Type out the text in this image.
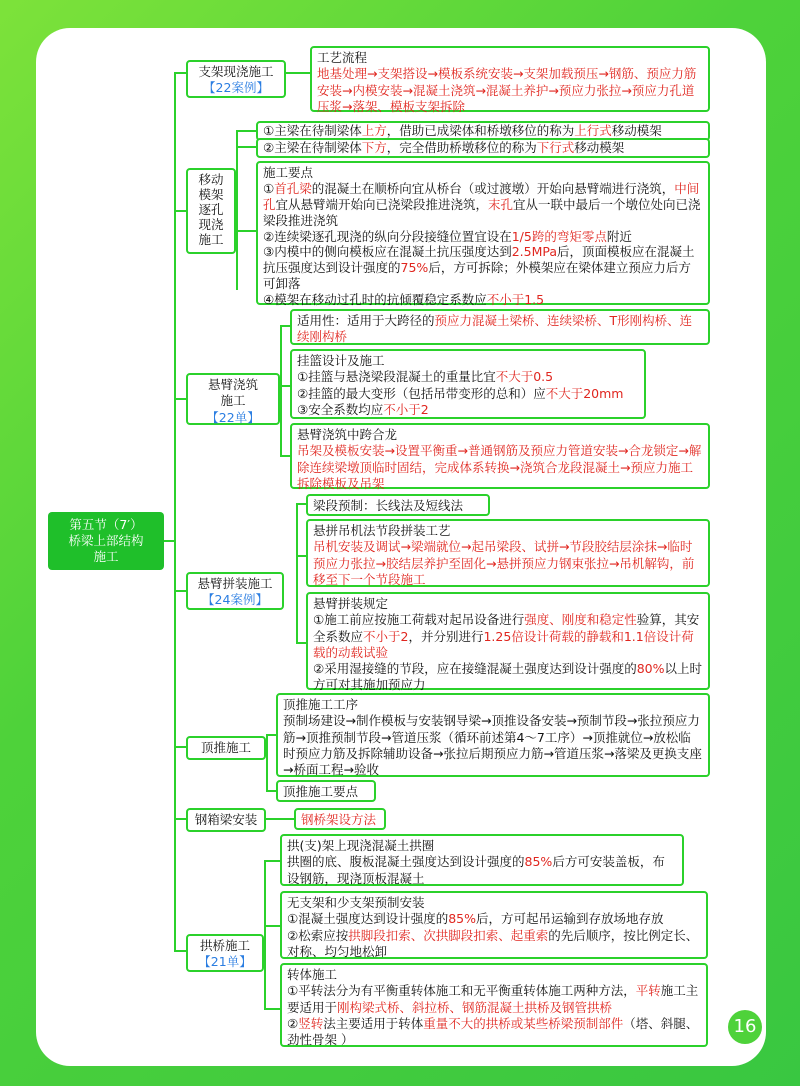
第五节（7′）
桥梁上部结构
施工
支架现浇施工
【22案例】
移动
模架
逐孔
现浇
施工
悬臂浇筑
施工
【22单】
悬臂拼装施工
【24案例】
顶推施工
钢箱梁安装
拱桥施工
【21单】
工艺流程
地基处理→支架搭设→模板系统安装→支架加载预压→钢筋、预应力筋安装→内模安装→混凝土浇筑→混凝土养护→预应力张拉→预应力孔道压浆→落架、模板支架拆除
①主梁在待制梁体上方，借助已成梁体和桥墩移位的称为上行式移动模架
②主梁在待制梁体下方，完全借助桥墩移位的称为下行式移动模架
施工要点
①首孔梁的混凝土在顺桥向宜从桥台（或过渡墩）开始向悬臂端进行浇筑，中间孔宜从悬臂端开始向已浇梁段推进浇筑，末孔宜从一联中最后一个墩位处向已浇梁段推进浇筑
②连续梁逐孔现浇的纵向分段接缝位置宜设在1/5跨的弯矩零点附近
③内模中的侧向模板应在混凝土抗压强度达到2.5MPa后，顶面模板应在混凝土抗压强度达到设计强度的75%后，方可拆除；外模架应在梁体建立预应力后方可卸落
④模架在移动过孔时的抗倾覆稳定系数应不小于1.5
适用性：适用于大跨径的预应力混凝土梁桥、连续梁桥、T形刚构桥、连续刚构桥
挂篮设计及施工
①挂篮与悬浇梁段混凝土的重量比宜不大于0.5
②挂篮的最大变形（包括吊带变形的总和）应不大于20mm
③安全系数均应不小于2
悬臂浇筑中跨合龙
吊架及模板安装→设置平衡重→普通钢筋及预应力管道安装→合龙锁定→解除连续梁墩顶临时固结，完成体系转换→浇筑合龙段混凝土→预应力施工拆除模板及吊架
梁段预制：长线法及短线法
悬拼吊机法节段拼装工艺
吊机安装及调试→梁端就位→起吊梁段、试拼→节段胶结层涂抹→临时预应力张拉→胶结层养护至固化→悬拼预应力钢束张拉→吊机解钩，前移至下一个节段施工
悬臂拼装规定
①施工前应按施工荷载对起吊设备进行强度、刚度和稳定性验算，其安全系数应不小于2，并分别进行1.25倍设计荷载的静载和1.1倍设计荷载的动载试验
②采用湿接缝的节段，应在接缝混凝土强度达到设计强度的80%以上时方可对其施加预应力
顶推施工工序
预制场建设→制作模板与安装钢导梁→顶推设备安装→预制节段→张拉预应力筋→顶推预制节段→管道压浆（循环前述第4～7工序）→顶推就位→放松临时预应力筋及拆除辅助设备→张拉后期预应力筋→管道压浆→落梁及更换支座→桥面工程→验收
顶推施工要点
钢桥架设方法
拱(支)架上现浇混凝土拱圈
拱圈的底、腹板混凝土强度达到设计强度的85%后方可安装盖板，布设钢筋，现浇顶板混凝土
无支架和少支架预制安装
①混凝土强度达到设计强度的85%后，方可起吊运输到存放场地存放
②松索应按拱脚段扣索、次拱脚段扣索、起重索的先后顺序，按比例定长、对称、均匀地松卸
转体施工
①平转法分为有平衡重转体施工和无平衡重转体施工两种方法，平转施工主要适用于刚构梁式桥、斜拉桥、钢筋混凝土拱桥及钢管拱桥
②竖转法主要适用于转体重量不大的拱桥或某些桥梁预制部件（塔、斜腿、劲性骨架 ）
16
